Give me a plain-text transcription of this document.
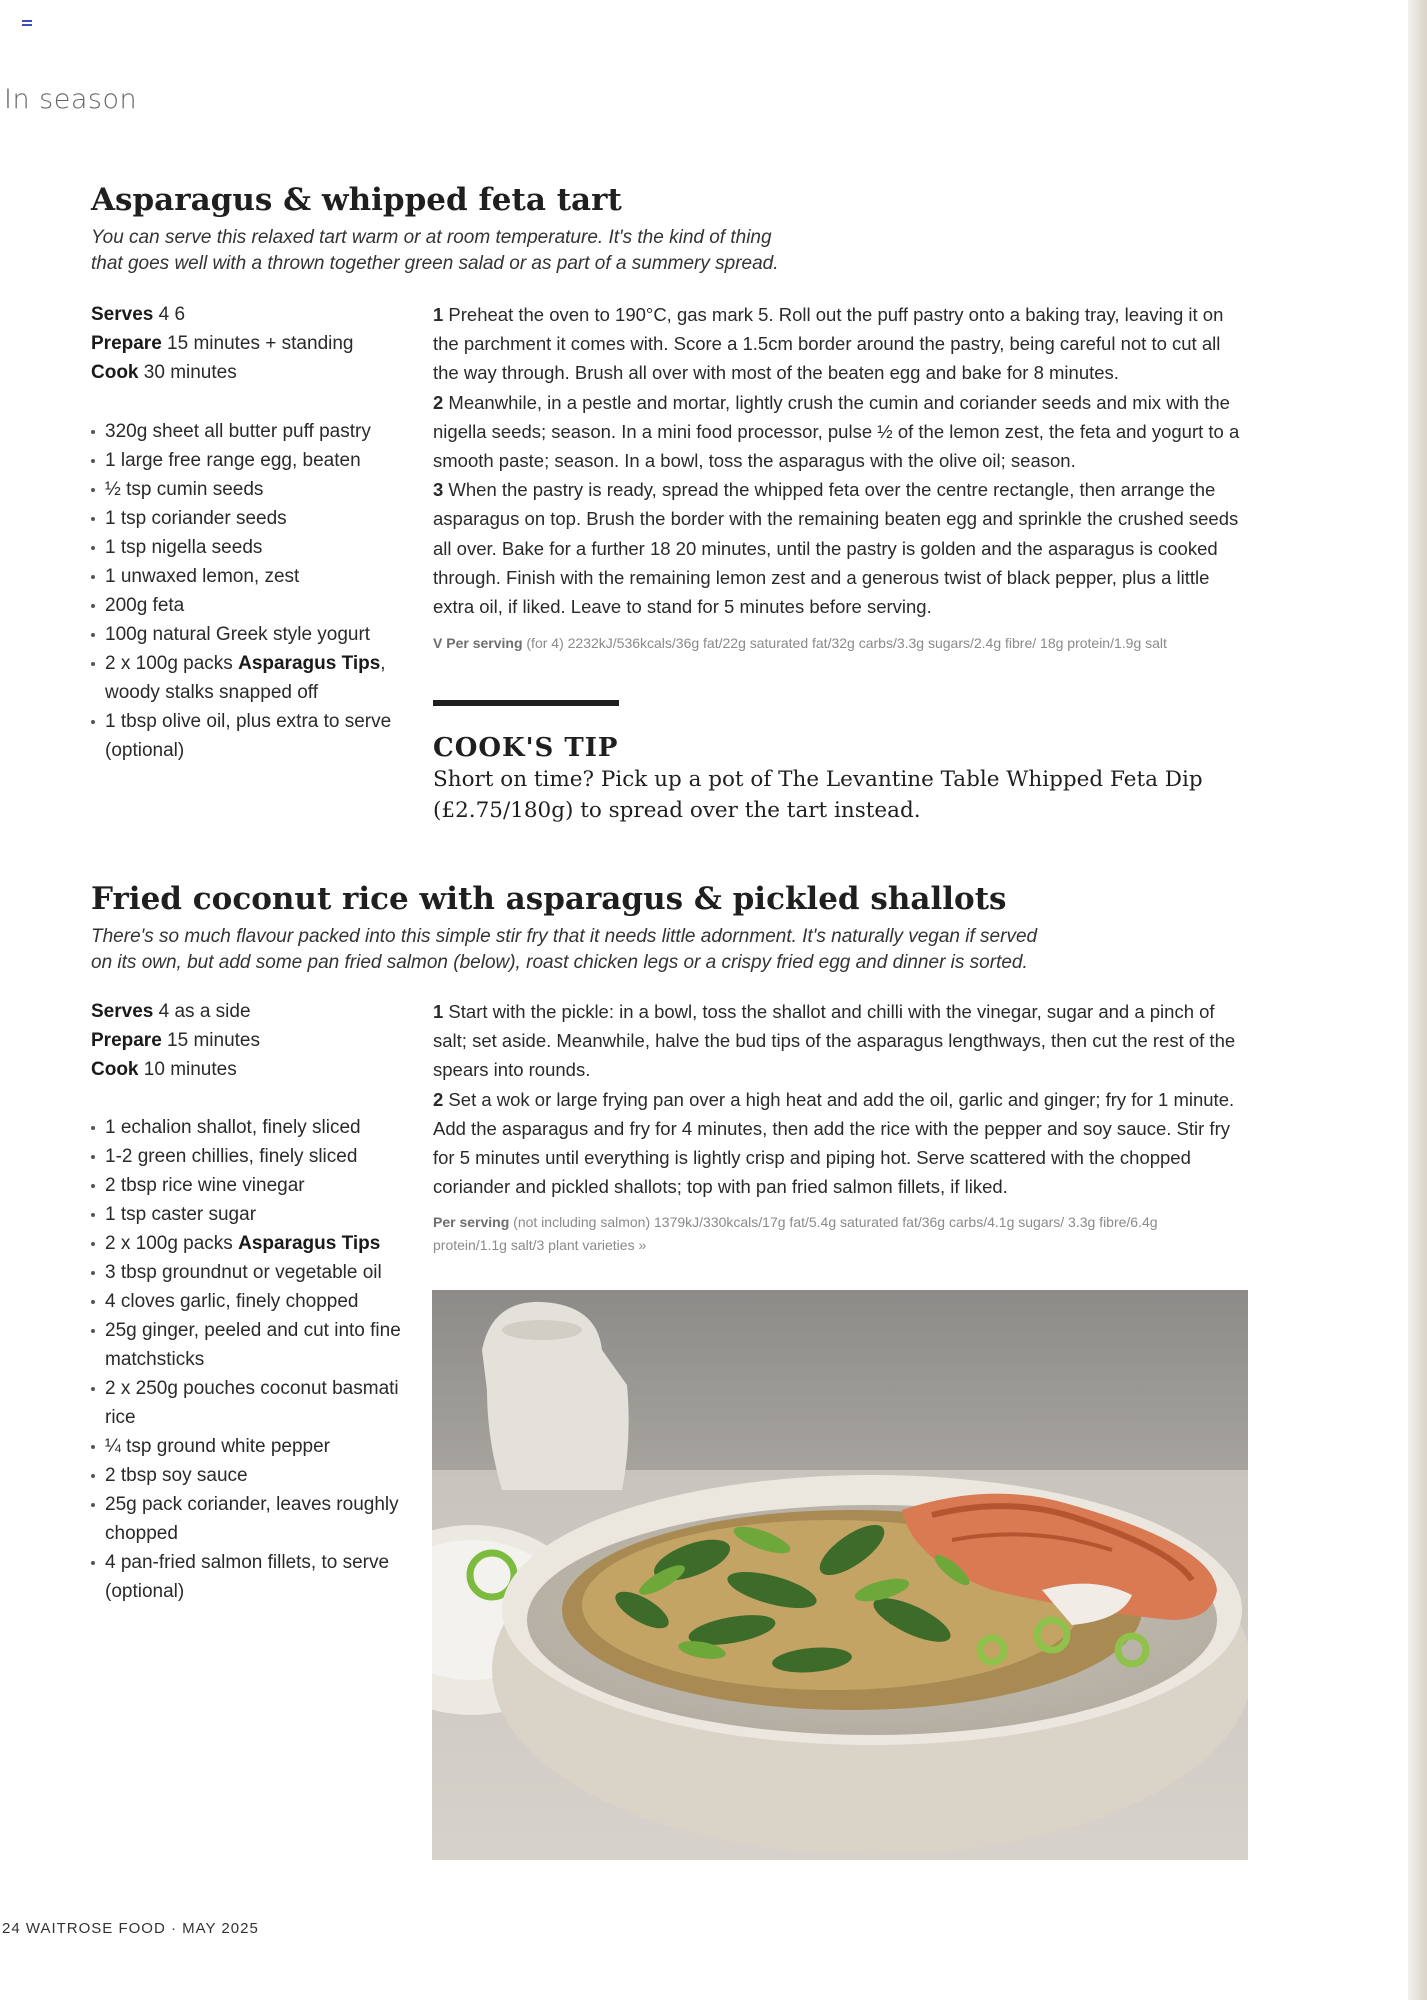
In season
Asparagus & whipped feta tart

You can serve this relaxed tart warm or at room temperature. It's the kind of thing
that goes well with a thrown together green salad or as part of a summery spread.

Serves 4 6
Prepare 15 minutes + standing
Cook 30 minutes
320g sheet all butter puff pastry
1 large free range egg, beaten
½ tsp cumin seeds
1 tsp coriander seeds
1 tsp nigella seeds
1 unwaxed lemon, zest
200g feta
100g natural Greek style yogurt
2 x 100g packs Asparagus Tips, woody stalks snapped off
1 tbsp olive oil, plus extra to serve (optional)

1 Preheat the oven to 190°C, gas mark 5. Roll out the puff pastry onto a baking tray, leaving it on the parchment it comes with. Score a 1.5cm border around the pastry, being careful not to cut all the way through. Brush all over with most of the beaten egg and bake for 8 minutes.

2 Meanwhile, in a pestle and mortar, lightly crush the cumin and coriander seeds and mix with the nigella seeds; season. In a mini food processor, pulse ½ of the lemon zest, the feta and yogurt to a smooth paste; season. In a bowl, toss the asparagus with the olive oil; season.

3 When the pastry is ready, spread the whipped feta over the centre rectangle, then arrange the asparagus on top. Brush the border with the remaining beaten egg and sprinkle the crushed seeds all over. Bake for a further 18 20 minutes, until the pastry is golden and the asparagus is cooked through. Finish with the remaining lemon zest and a generous twist of black pepper, plus a little extra oil, if liked. Leave to stand for 5 minutes before serving.

V Per serving (for 4) 2232kJ/536kcals/36g fat/22g saturated fat/32g carbs/3.3g sugars/2.4g fibre/ 18g protein/1.9g salt

COOK'S TIP

Short on time? Pick up a pot of The Levantine Table Whipped Feta Dip (£2.75/180g) to spread over the tart instead.

Fried coconut rice with asparagus & pickled shallots

There's so much flavour packed into this simple stir fry that it needs little adornment. It's naturally vegan if served
on its own, but add some pan fried salmon (below), roast chicken legs or a crispy fried egg and dinner is sorted.

Serves 4 as a side
Prepare 15 minutes
Cook 10 minutes
1 echalion shallot, finely sliced
1-2 green chillies, finely sliced
2 tbsp rice wine vinegar
1 tsp caster sugar
2 x 100g packs Asparagus Tips
3 tbsp groundnut or vegetable oil
4 cloves garlic, finely chopped
25g ginger, peeled and cut into fine matchsticks
2 x 250g pouches coconut basmati rice
¼ tsp ground white pepper
2 tbsp soy sauce
25g pack coriander, leaves roughly chopped
4 pan-fried salmon fillets, to serve (optional)

1 Start with the pickle: in a bowl, toss the shallot and chilli with the vinegar, sugar and a pinch of salt; set aside. Meanwhile, halve the bud tips of the asparagus lengthways, then cut the rest of the spears into rounds.

2 Set a wok or large frying pan over a high heat and add the oil, garlic and ginger; fry for 1 minute. Add the asparagus and fry for 4 minutes, then add the rice with the pepper and soy sauce. Stir fry for 5 minutes until everything is lightly crisp and piping hot. Serve scattered with the chopped coriander and pickled shallots; top with pan fried salmon fillets, if liked.

Per serving (not including salmon) 1379kJ/330kcals/17g fat/5.4g saturated fat/36g carbs/4.1g sugars/ 3.3g fibre/6.4g protein/1.1g salt/3 plant varieties »

24 WAITROSE FOOD · MAY 2025
